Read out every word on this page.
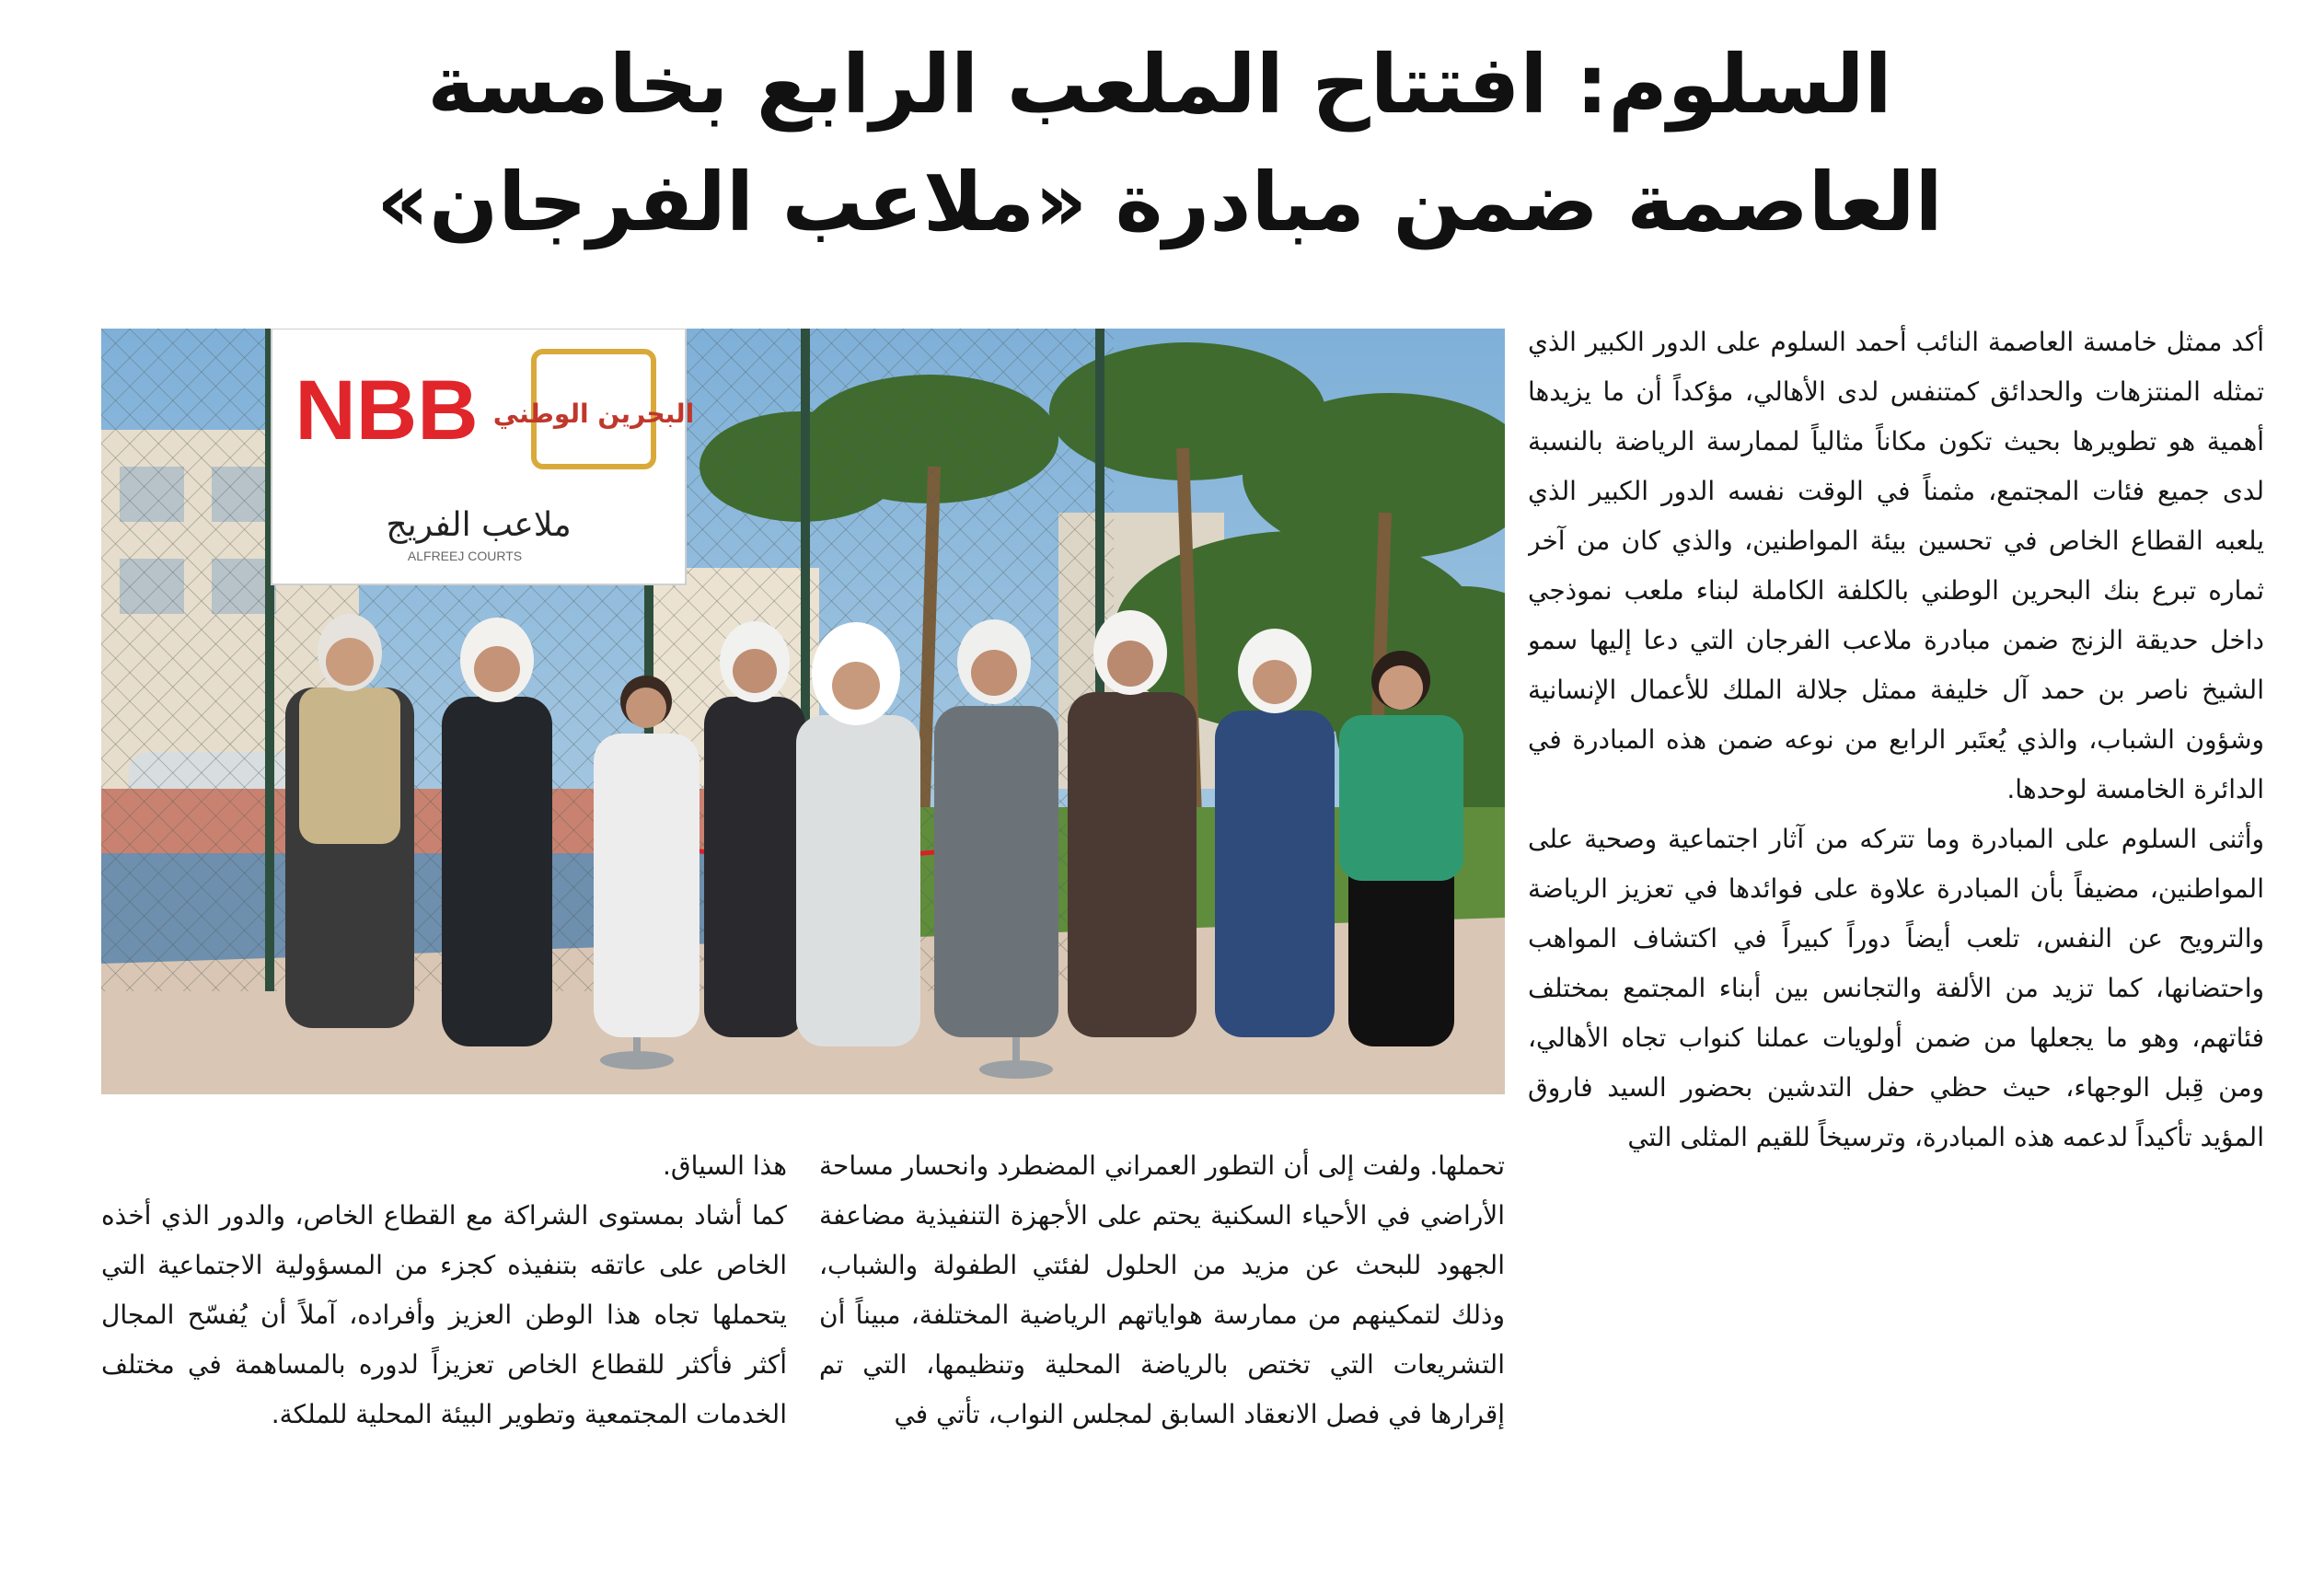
السلوم: افتتاح الملعب الرابع بخامسة
العاصمة ضمن مبادرة «ملاعب الفرجان»
NBB البحرين الوطني
ملاعب الفريج
ALFREEJ COURTS

أكد ممثل خامسة العاصمة النائب أحمد السلوم على الدور الكبير الذي تمثله المنتزهات والحدائق كمتنفس لدى الأهالي، مؤكداً أن ما يزيدها أهمية هو تطويرها بحيث تكون مكاناً مثالياً لممارسة الرياضة بالنسبة لدى جميع فئات المجتمع، مثمناً في الوقت نفسه الدور الكبير الذي يلعبه القطاع الخاص في تحسين بيئة المواطنين، والذي كان من آخر ثماره تبرع بنك البحرين الوطني بالكلفة الكاملة لبناء ملعب نموذجي داخل حديقة الزنج ضمن مبادرة ملاعب الفرجان التي دعا إليها سمو الشيخ ناصر بن حمد آل خليفة ممثل جلالة الملك للأعمال الإنسانية وشؤون الشباب، والذي يُعتَبر الرابع من نوعه ضمن هذه المبادرة في الدائرة الخامسة لوحدها.

وأثنى السلوم على المبادرة وما تتركه من آثار اجتماعية وصحية على المواطنين، مضيفاً بأن المبادرة علاوة على فوائدها في تعزيز الرياضة والترويح عن النفس، تلعب أيضاً دوراً كبيراً في اكتشاف المواهب واحتضانها، كما تزيد من الألفة والتجانس بين أبناء المجتمع بمختلف فئاتهم، وهو ما يجعلها من ضمن أولويات عملنا كنواب تجاه الأهالي، ومن قِبل الوجهاء، حيث حظي حفل التدشين بحضور السيد فاروق المؤيد تأكيداً لدعمه هذه المبادرة، وترسيخاً للقيم المثلى التي

تحملها. ولفت إلى أن التطور العمراني المضطرد وانحسار مساحة الأراضي في الأحياء السكنية يحتم على الأجهزة التنفيذية مضاعفة الجهود للبحث عن مزيد من الحلول لفئتي الطفولة والشباب، وذلك لتمكينهم من ممارسة هواياتهم الرياضية المختلفة، مبيناً أن التشريعات التي تختص بالرياضة المحلية وتنظيمها، التي تم إقرارها في فصل الانعقاد السابق لمجلس النواب، تأتي في

هذا السياق.

كما أشاد بمستوى الشراكة مع القطاع الخاص، والدور الذي أخذه الخاص على عاتقه بتنفيذه كجزء من المسؤولية الاجتماعية التي يتحملها تجاه هذا الوطن العزيز وأفراده، آملاً أن يُفسّح المجال أكثر فأكثر للقطاع الخاص تعزيزاً لدوره بالمساهمة في مختلف الخدمات المجتمعية وتطوير البيئة المحلية للملكة.
